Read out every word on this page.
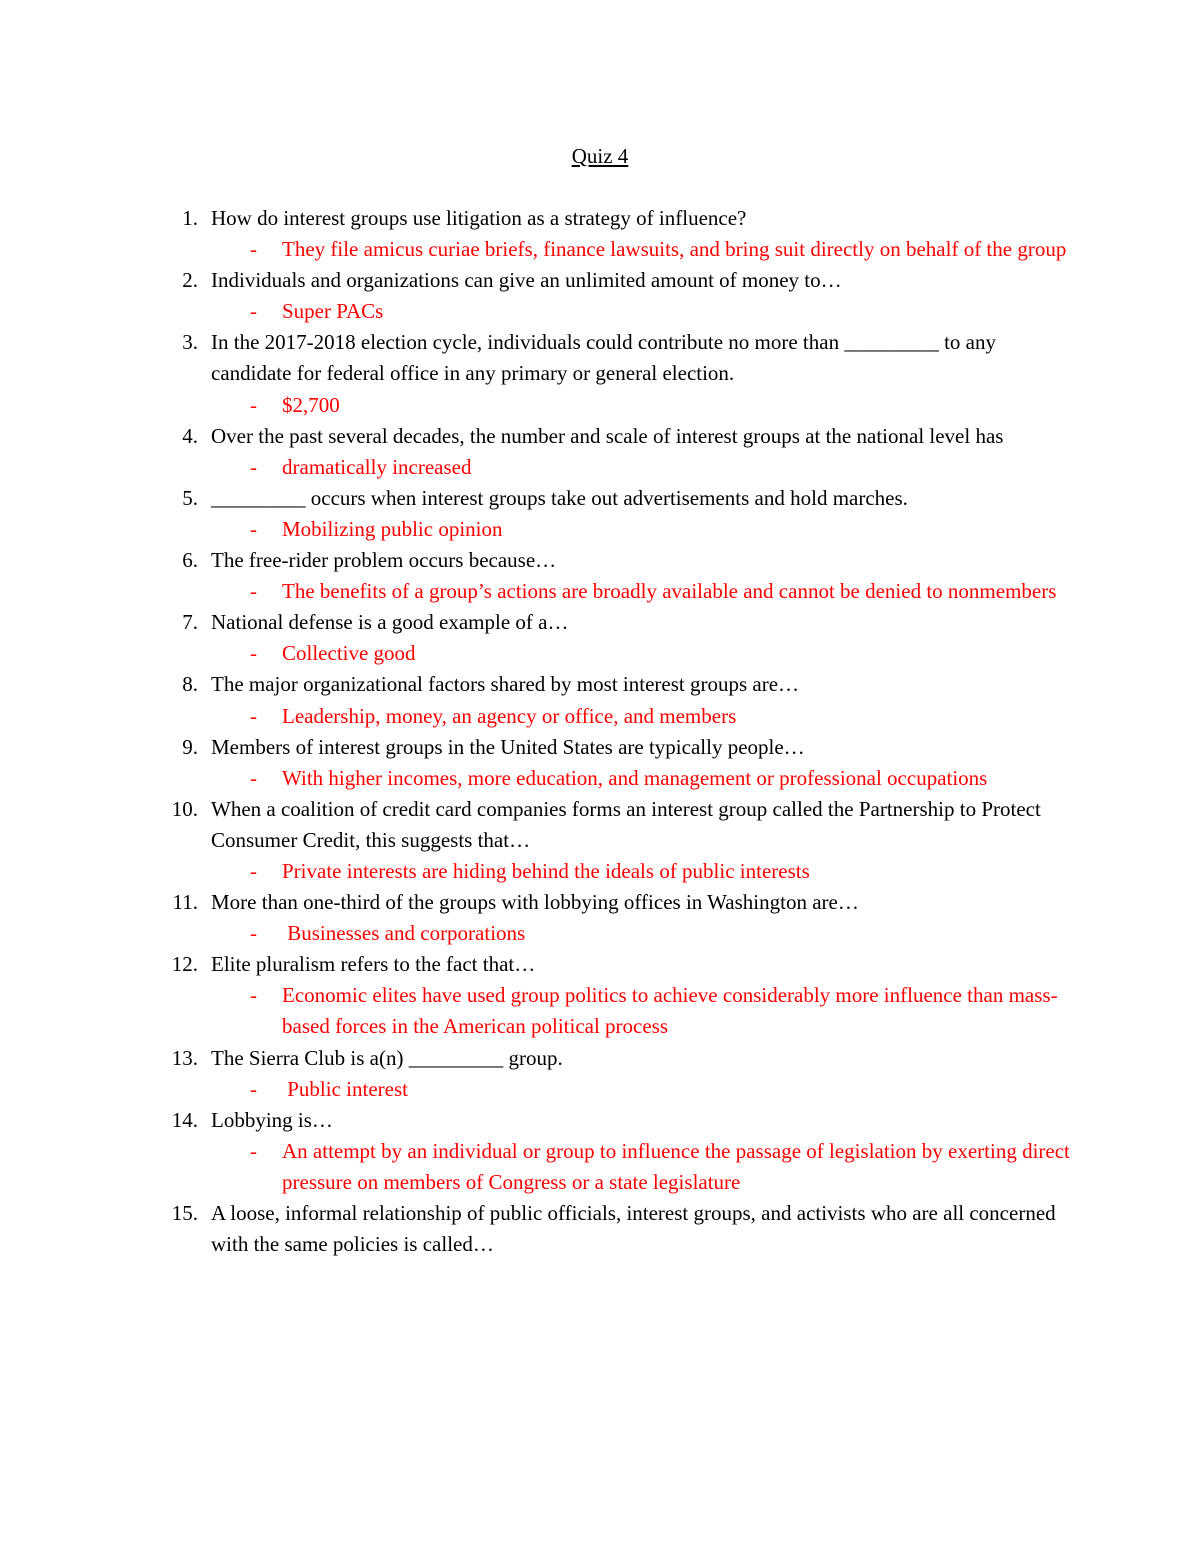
Quiz 4
1. How do interest groups use litigation as a strategy of influence?
- They file amicus curiae briefs, finance lawsuits, and bring suit directly on behalf of the group
2. Individuals and organizations can give an unlimited amount of money to…
- Super PACs
3. In the 2017-2018 election cycle, individuals could contribute no more than _________ to any candidate for federal office in any primary or general election.
- $2,700
4. Over the past several decades, the number and scale of interest groups at the national level has
- dramatically increased
5. _________ occurs when interest groups take out advertisements and hold marches.
- Mobilizing public opinion
6. The free-rider problem occurs because…
- The benefits of a group’s actions are broadly available and cannot be denied to nonmembers
7. National defense is a good example of a…
- Collective good
8. The major organizational factors shared by most interest groups are…
- Leadership, money, an agency or office, and members
9. Members of interest groups in the United States are typically people…
- With higher incomes, more education, and management or professional occupations
10. When a coalition of credit card companies forms an interest group called the Partnership to Protect Consumer Credit, this suggests that…
- Private interests are hiding behind the ideals of public interests
11. More than one-third of the groups with lobbying offices in Washington are…
- Businesses and corporations
12. Elite pluralism refers to the fact that…
- Economic elites have used group politics to achieve considerably more influence than mass-based forces in the American political process
13. The Sierra Club is a(n) _________ group.
- Public interest
14. Lobbying is…
- An attempt by an individual or group to influence the passage of legislation by exerting direct pressure on members of Congress or a state legislature
15. A loose, informal relationship of public officials, interest groups, and activists who are all concerned with the same policies is called…
